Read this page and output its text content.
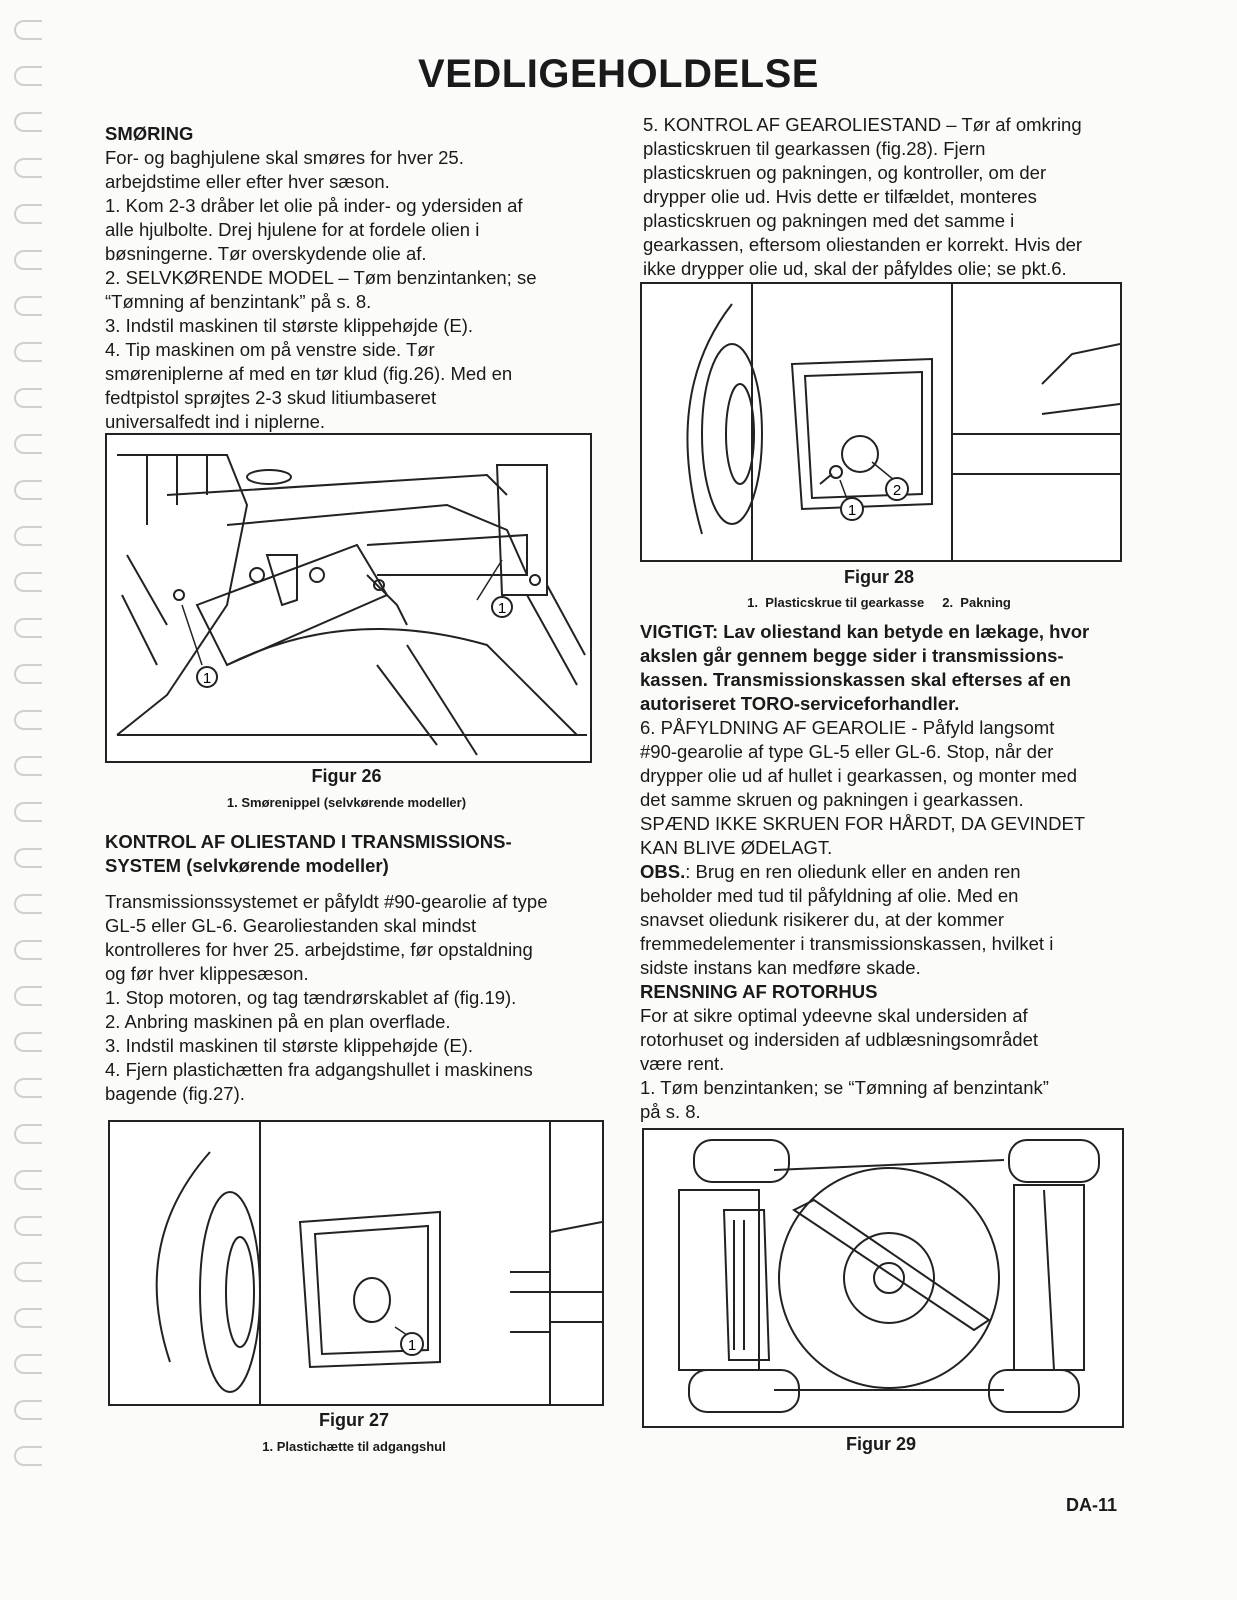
VEDLIGEHOLDELSE

SMØRING

For- og baghjulene skal smøres for hver 25.

arbejdstime eller efter hver sæson.

1. Kom 2-3 dråber let olie på inder- og ydersiden af

alle hjulbolte. Drej hjulene for at fordele olien i

bøsningerne. Tør overskydende olie af.

2. SELVKØRENDE MODEL – Tøm benzintanken; se

“Tømning af benzintank” på s. 8.

3. Indstil maskinen til største klippehøjde (E).

4. Tip maskinen om på venstre side. Tør

smøreniplerne af med en tør klud (fig.26). Med en

fedtpistol sprøjtes 2-3 skud litiumbaseret

universalfedt ind i niplerne.

1
1

Figur 26

1. Smørenippel (selvkørende modeller)

KONTROL AF OLIESTAND I TRANSMISSIONS-

SYSTEM (selvkørende modeller)

Transmissionssystemet er påfyldt #90-gearolie af type

GL-5 eller GL-6. Gearoliestanden skal mindst

kontrolleres for hver 25. arbejdstime, før opstaldning

og før hver klippesæson.

1. Stop motoren, og tag tændrørskablet af (fig.19).

2. Anbring maskinen på en plan overflade.

3. Indstil maskinen til største klippehøjde (E).

4. Fjern plastichætten fra adgangshullet i maskinens

bagende (fig.27).

1

Figur 27

1. Plastichætte til adgangshul

5. KONTROL AF GEAROLIESTAND – Tør af omkring

plasticskruen til gearkassen (fig.28). Fjern

plasticskruen og pakningen, og kontroller, om der

drypper olie ud. Hvis dette er tilfældet, monteres

plasticskruen og pakningen med det samme i

gearkassen, eftersom oliestanden er korrekt. Hvis der

ikke drypper olie ud, skal der påfyldes olie; se pkt.6.

2
1

Figur 28

1.  Plasticskrue til gearkasse     2.  Pakning

VIGTIGT: Lav oliestand kan betyde en lækage, hvor

akslen går gennem begge sider i transmissions-

kassen. Transmissionskassen skal efterses af en

autoriseret TORO-serviceforhandler.

6. PÅFYLDNING AF GEAROLIE - Påfyld langsomt

#90-gearolie af type GL-5 eller GL-6. Stop, når der

drypper olie ud af hullet i gearkassen, og monter med

det samme skruen og pakningen i gearkassen.

SPÆND IKKE SKRUEN FOR HÅRDT, DA GEVINDET

KAN BLIVE ØDELAGT.

OBS.: Brug en ren oliedunk eller en anden ren

beholder med tud til påfyldning af olie. Med en

snavset oliedunk risikerer du, at der kommer

fremmedelementer i transmissionskassen, hvilket i

sidste instans kan medføre skade.

RENSNING AF ROTORHUS

For at sikre optimal ydeevne skal undersiden af

rotorhuset og indersiden af udblæsningsområdet

være rent.

1. Tøm benzintanken; se “Tømning af benzintank”

på s. 8.

Figur 29

DA-11
